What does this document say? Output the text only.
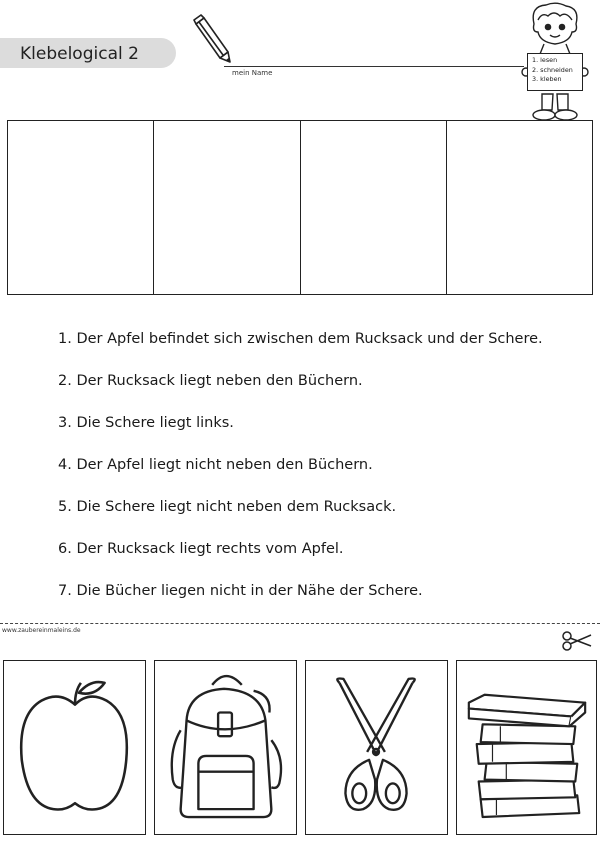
Klebelogical 2
mein Name
1. lesen
2. schneiden
3. kleben
1. Der Apfel befindet sich zwischen dem Rucksack und der Schere.
2. Der Rucksack liegt neben den Büchern.
3. Die Schere liegt links.
4. Der Apfel liegt nicht neben den Büchern.
5. Die Schere liegt nicht neben dem Rucksack.
6. Der Rucksack liegt rechts vom Apfel.
7. Die Bücher liegen nicht in der Nähe der Schere.
www.zaubereinmaleins.de
